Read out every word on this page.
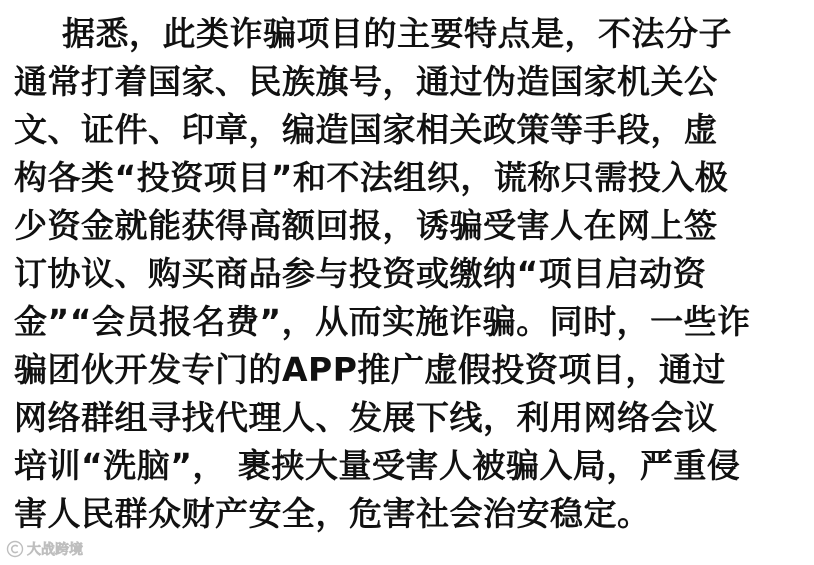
据悉，此类诈骗项目的主要特点是，不法分子
通常打着国家、民族旗号，通过伪造国家机关公
文、证件、印章，编造国家相关政策等手段，虚
构各类“投资项目”和不法组织，谎称只需投入极
少资金就能获得高额回报，诱骗受害人在网上签
订协议、购买商品参与投资或缴纳“项目启动资
金”“会员报名费”，从而实施诈骗。同时，一些诈
骗团伙开发专门的APP推广虚假投资项目，通过
网络群组寻找代理人、发展下线，利用网络会议
培训“洗脑”， 裹挟大量受害人被骗入局，严重侵
害人民群众财产安全，危害社会治安稳定。
大战跨境
